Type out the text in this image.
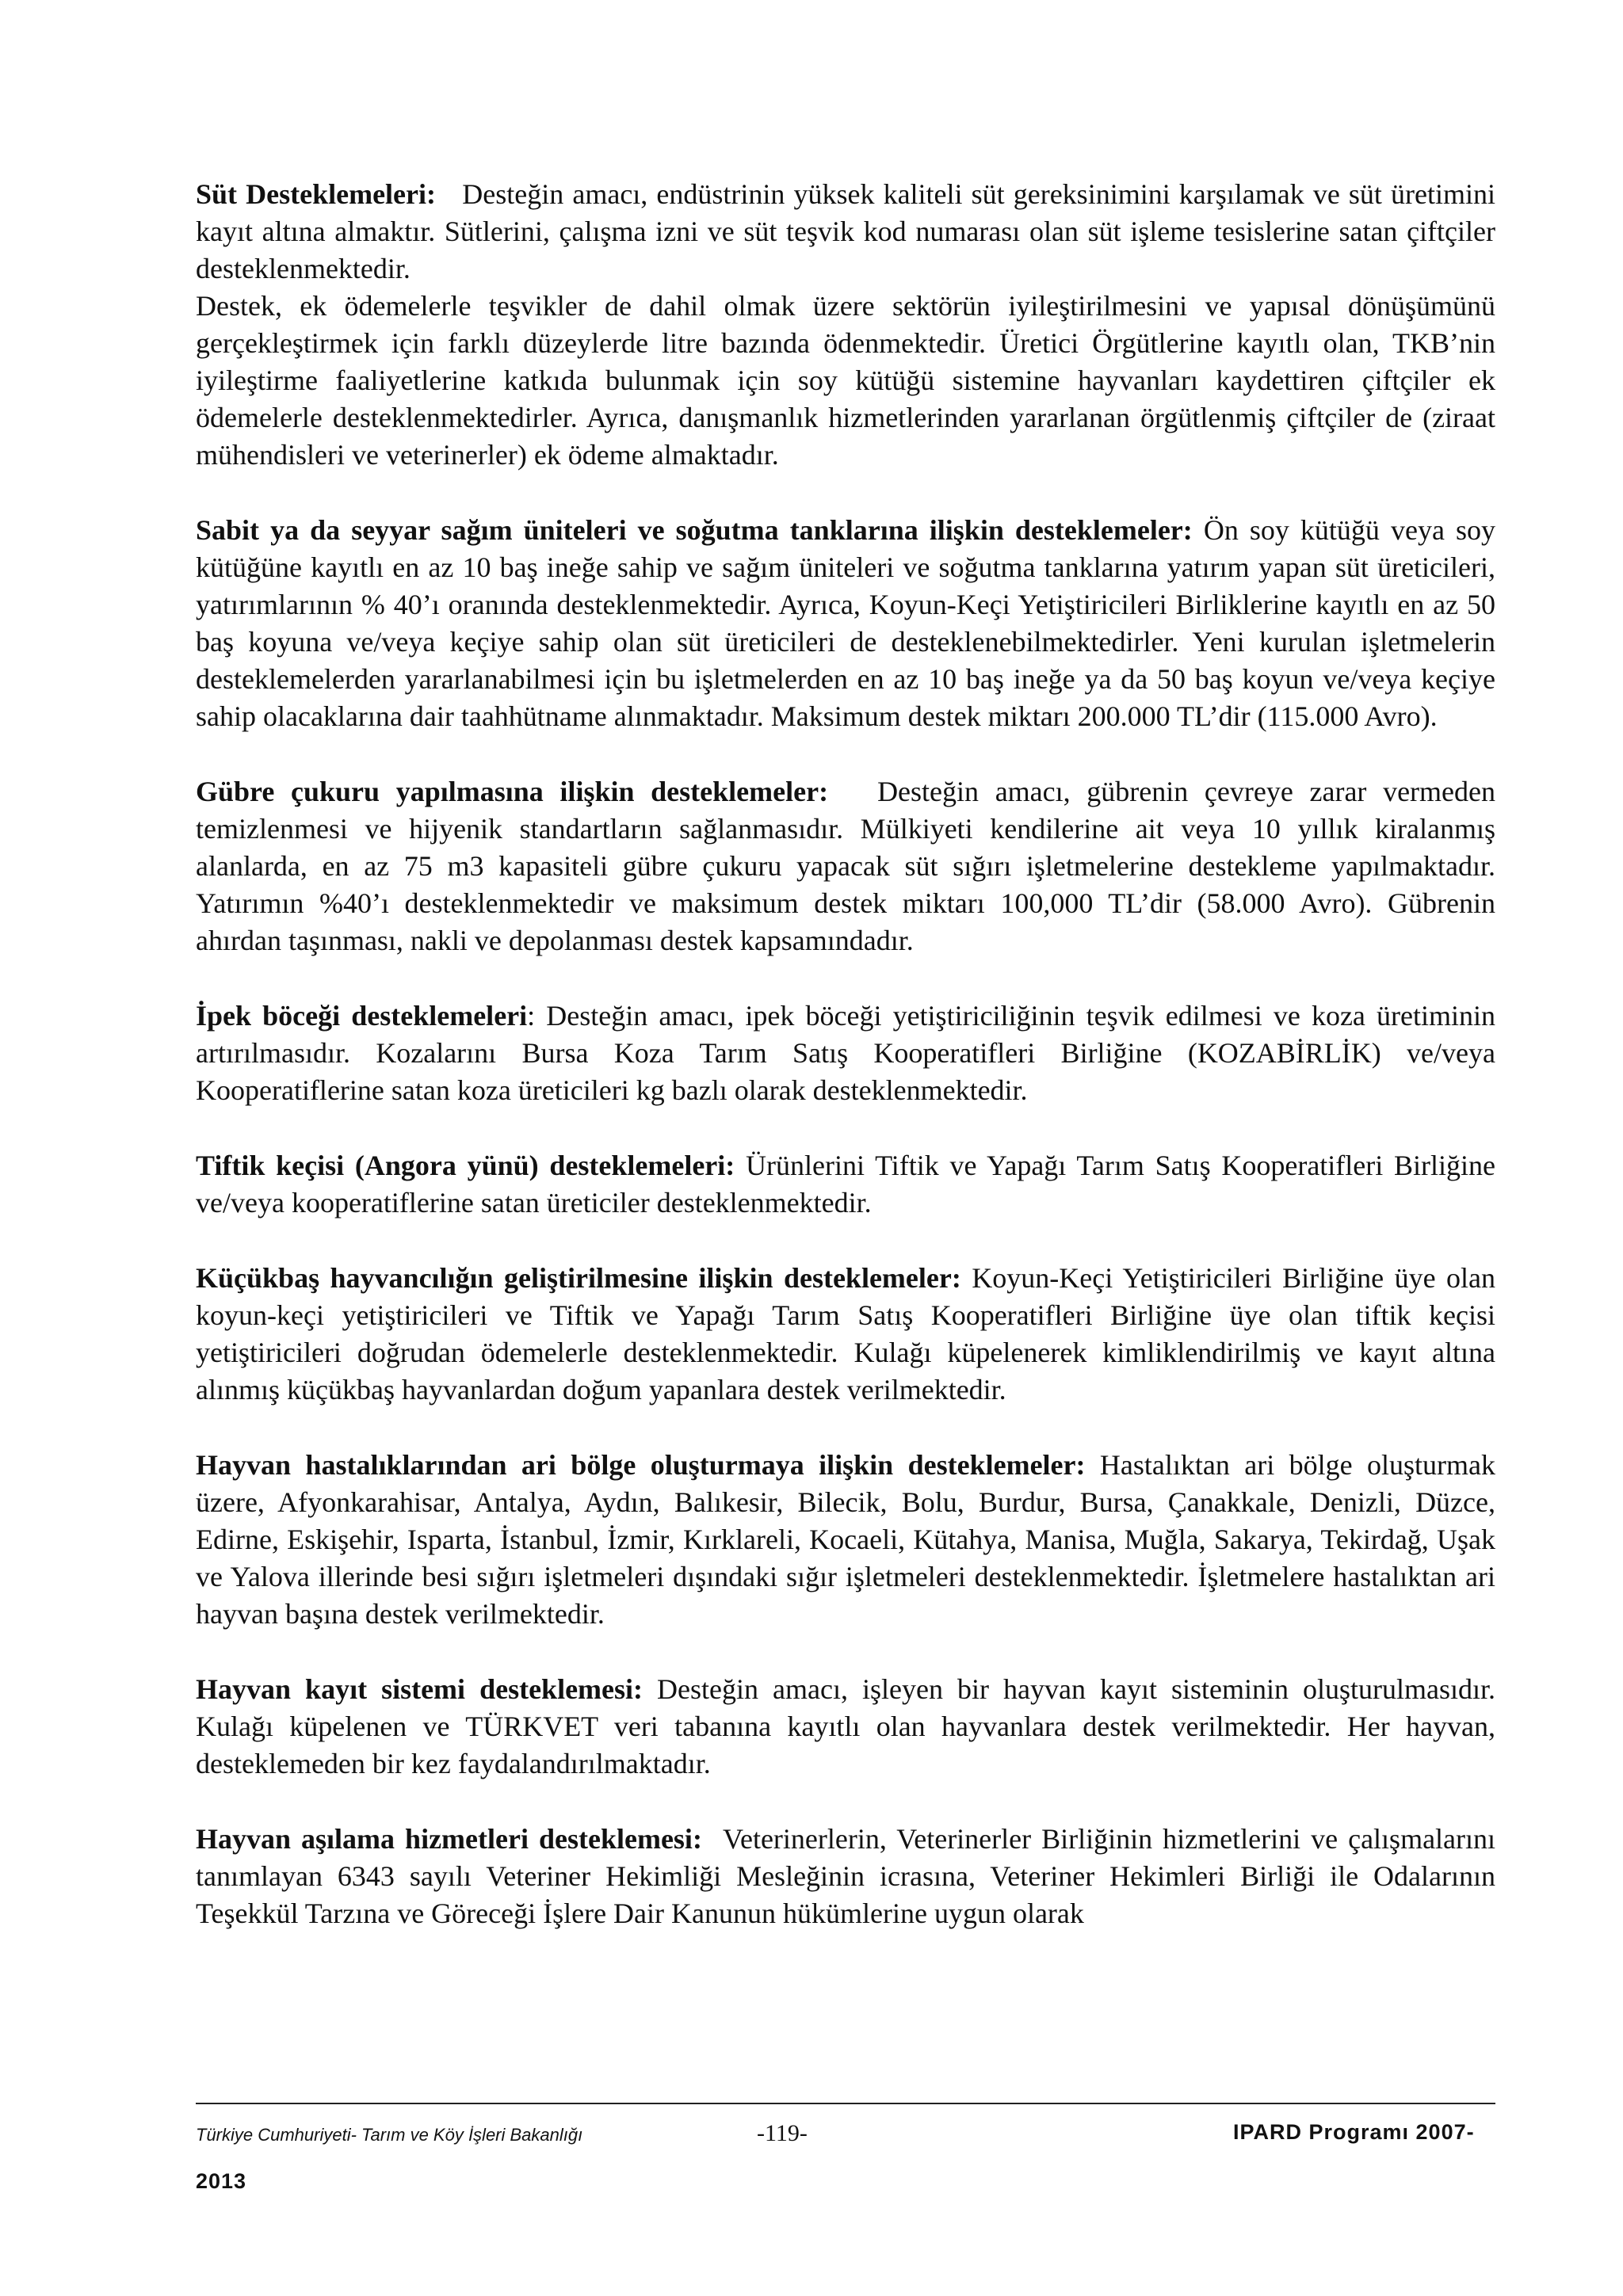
Süt Desteklemeleri: Desteğin amacı, endüstrinin yüksek kaliteli süt gereksinimini karşılamak ve süt üretimini kayıt altına almaktır. Sütlerini, çalışma izni ve süt teşvik kod numarası olan süt işleme tesislerine satan çiftçiler desteklenmektedir.

Destek, ek ödemelerle teşvikler de dahil olmak üzere sektörün iyileştirilmesini ve yapısal dönüşümünü gerçekleştirmek için farklı düzeylerde litre bazında ödenmektedir. Üretici Örgütlerine kayıtlı olan, TKB’nin iyileştirme faaliyetlerine katkıda bulunmak için soy kütüğü sistemine hayvanları kaydettiren çiftçiler ek ödemelerle desteklenmektedirler. Ayrıca, danışmanlık hizmetlerinden yararlanan örgütlenmiş çiftçiler de (ziraat mühendisleri ve veterinerler) ek ödeme almaktadır.

Sabit ya da seyyar sağım üniteleri ve soğutma tanklarına ilişkin desteklemeler: Ön soy kütüğü veya soy kütüğüne kayıtlı en az 10 baş ineğe sahip ve sağım üniteleri ve soğutma tanklarına yatırım yapan süt üreticileri, yatırımlarının % 40’ı oranında desteklenmektedir. Ayrıca, Koyun-Keçi Yetiştiricileri Birliklerine kayıtlı en az 50 baş koyuna ve/veya keçiye sahip olan süt üreticileri de desteklenebilmektedirler. Yeni kurulan işletmelerin desteklemelerden yararlanabilmesi için bu işletmelerden en az 10 baş ineğe ya da 50 baş koyun ve/veya keçiye sahip olacaklarına dair taahhütname alınmaktadır. Maksimum destek miktarı 200.000 TL’dir (115.000 Avro).

Gübre çukuru yapılmasına ilişkin desteklemeler: Desteğin amacı, gübrenin çevreye zarar vermeden temizlenmesi ve hijyenik standartların sağlanmasıdır. Mülkiyeti kendilerine ait veya 10 yıllık kiralanmış alanlarda, en az 75 m3 kapasiteli gübre çukuru yapacak süt sığırı işletmelerine destekleme yapılmaktadır. Yatırımın %40’ı desteklenmektedir ve maksimum destek miktarı 100,000 TL’dir (58.000 Avro). Gübrenin ahırdan taşınması, nakli ve depolanması destek kapsamındadır.

İpek böceği desteklemeleri: Desteğin amacı, ipek böceği yetiştiriciliğinin teşvik edilmesi ve koza üretiminin artırılmasıdır. Kozalarını Bursa Koza Tarım Satış Kooperatifleri Birliğine (KOZABİRLİK) ve/veya Kooperatiflerine satan koza üreticileri kg bazlı olarak desteklenmektedir.

Tiftik keçisi (Angora yünü) desteklemeleri: Ürünlerini Tiftik ve Yapağı Tarım Satış Kooperatifleri Birliğine ve/veya kooperatiflerine satan üreticiler desteklenmektedir.

Küçükbaş hayvancılığın geliştirilmesine ilişkin desteklemeler: Koyun-Keçi Yetiştiricileri Birliğine üye olan koyun-keçi yetiştiricileri ve Tiftik ve Yapağı Tarım Satış Kooperatifleri Birliğine üye olan tiftik keçisi yetiştiricileri doğrudan ödemelerle desteklenmektedir. Kulağı küpelenerek kimliklendirilmiş ve kayıt altına alınmış küçükbaş hayvanlardan doğum yapanlara destek verilmektedir.

Hayvan hastalıklarından ari bölge oluşturmaya ilişkin desteklemeler: Hastalıktan ari bölge oluşturmak üzere, Afyonkarahisar, Antalya, Aydın, Balıkesir, Bilecik, Bolu, Burdur, Bursa, Çanakkale, Denizli, Düzce, Edirne, Eskişehir, Isparta, İstanbul, İzmir, Kırklareli, Kocaeli, Kütahya, Manisa, Muğla, Sakarya, Tekirdağ, Uşak ve Yalova illerinde besi sığırı işletmeleri dışındaki sığır işletmeleri desteklenmektedir. İşletmelere hastalıktan ari hayvan başına destek verilmektedir.

Hayvan kayıt sistemi desteklemesi: Desteğin amacı, işleyen bir hayvan kayıt sisteminin oluşturulmasıdır. Kulağı küpelenen ve TÜRKVET veri tabanına kayıtlı olan hayvanlara destek verilmektedir. Her hayvan, desteklemeden bir kez faydalandırılmaktadır.

Hayvan aşılama hizmetleri desteklemesi: Veterinerlerin, Veterinerler Birliğinin hizmetlerini ve çalışmalarını tanımlayan 6343 sayılı Veteriner Hekimliği Mesleğinin icrasına, Veteriner Hekimleri Birliği ile Odalarının Teşekkül Tarzına ve Göreceği İşlere Dair Kanunun hükümlerine uygun olarak

Türkiye Cumhuriyeti- Tarım ve Köy İşleri Bakanlığı	-119-	IPARD Programı 2007-
2013
